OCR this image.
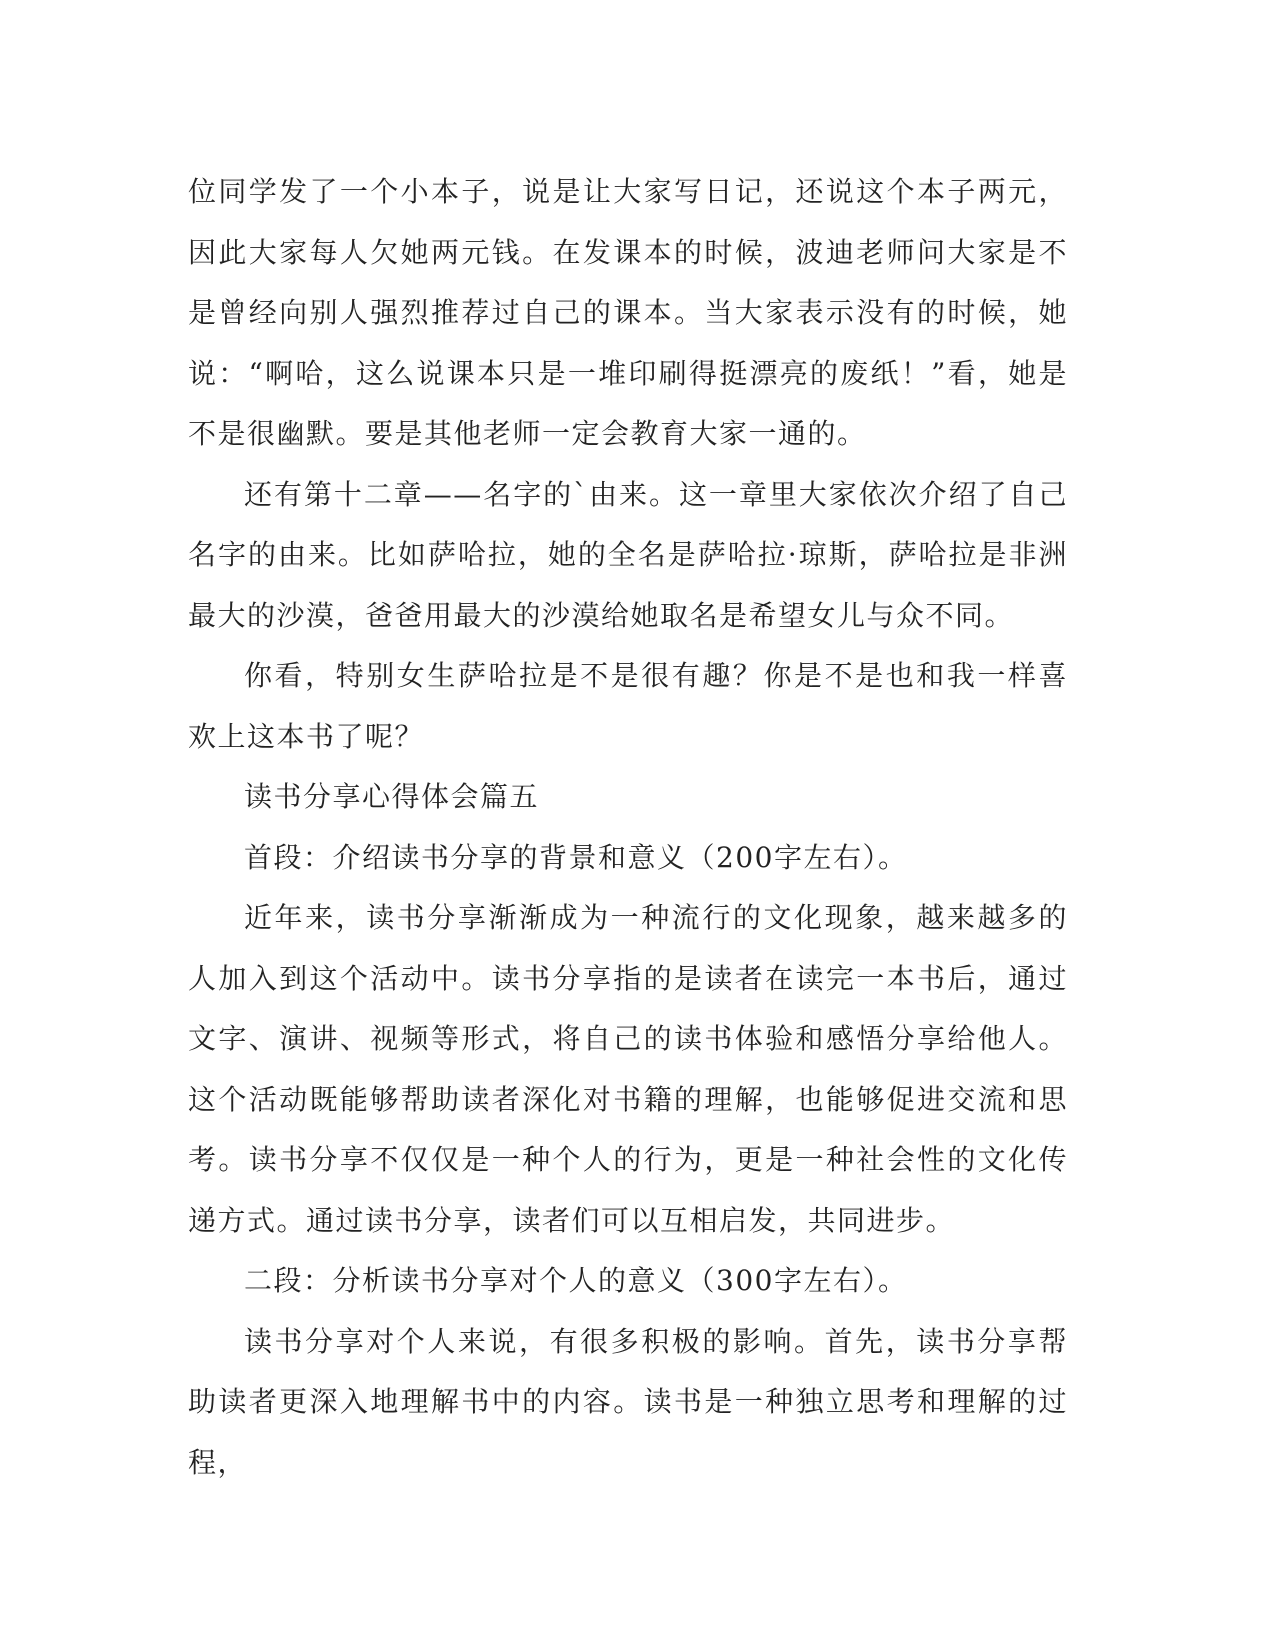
位同学发了一个小本子，说是让大家写日记，还说这个本子两元，因此大家每人欠她两元钱。在发课本的时候，波迪老师问大家是不是曾经向别人强烈推荐过自己的课本。当大家表示没有的时候，她说：“啊哈，这么说课本只是一堆印刷得挺漂亮的废纸！”看，她是不是很幽默。要是其他老师一定会教育大家一通的。

还有第十二章——名字的`由来。这一章里大家依次介绍了自己名字的由来。比如萨哈拉，她的全名是萨哈拉·琼斯，萨哈拉是非洲最大的沙漠，爸爸用最大的沙漠给她取名是希望女儿与众不同。

你看，特别女生萨哈拉是不是很有趣？你是不是也和我一样喜欢上这本书了呢？

读书分享心得体会篇五

首段：介绍读书分享的背景和意义（200字左右）。

近年来，读书分享渐渐成为一种流行的文化现象，越来越多的人加入到这个活动中。读书分享指的是读者在读完一本书后，通过文字、演讲、视频等形式，将自己的读书体验和感悟分享给他人。这个活动既能够帮助读者深化对书籍的理解，也能够促进交流和思考。读书分享不仅仅是一种个人的行为，更是一种社会性的文化传递方式。通过读书分享，读者们可以互相启发，共同进步。

二段：分析读书分享对个人的意义（300字左右）。

读书分享对个人来说，有很多积极的影响。首先，读书分享帮助读者更深入地理解书中的内容。读书是一种独立思考和理解的过程，
